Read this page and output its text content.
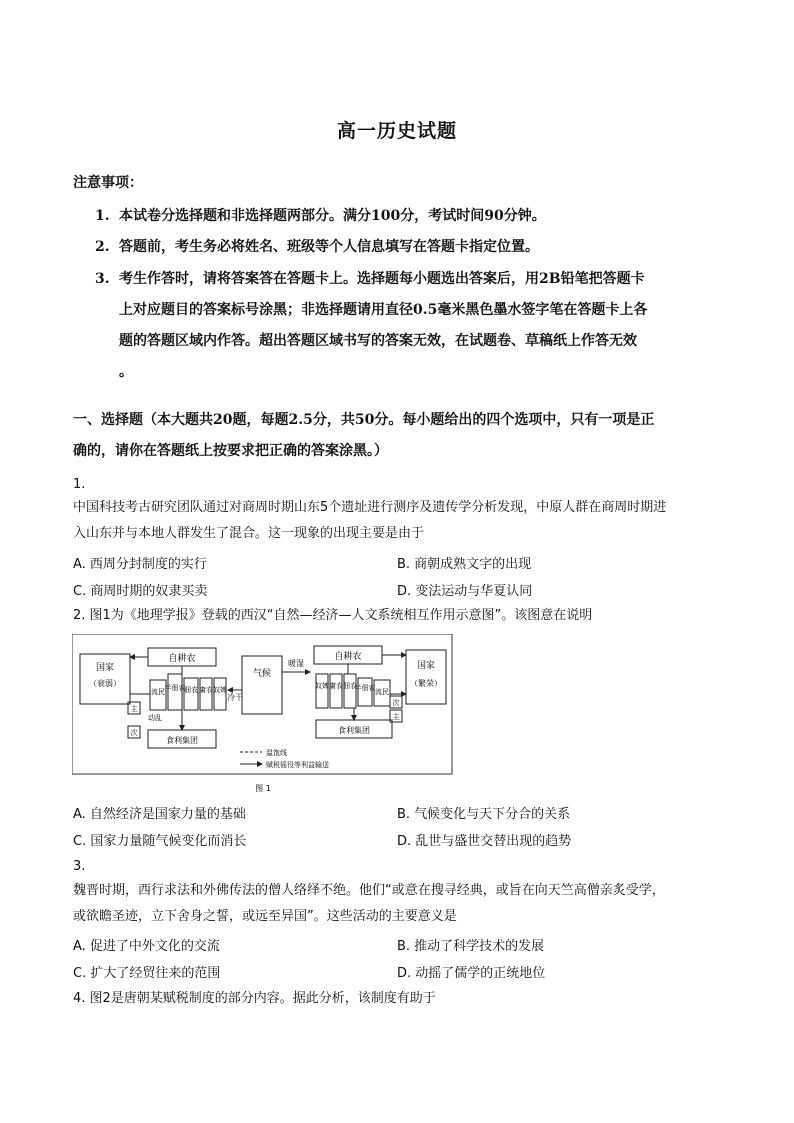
高一历史试题
注意事项：
1. 本试卷分选择题和非选择题两部分。满分100分，考试时间90分钟。
2. 答题前，考生务必将姓名、班级等个人信息填写在答题卡指定位置。
3. 考生作答时，请将答案答在答题卡上。选择题每小题选出答案后，用2B铅笔把答题卡
上对应题目的答案标号涂黑；非选择题请用直径0.5毫米黑色墨水签字笔在答题卡上各
题的答题区域内作答。超出答题区域书写的答案无效，在试题卷、草稿纸上作答无效
。
一、选择题（本大题共20题，每题2.5分，共50分。每小题给出的四个选项中，只有一项是正
确的，请你在答题纸上按要求把正确的答案涂黑。）
1.
中国科技考古研究团队通过对商周时期山东5个遗址进行测序及遗传学分析发现，中原人群在商周时期进
入山东并与本地人群发生了混合。这一现象的出现主要是由于
A. 西周分封制度的实行	B. 商朝成熟文字的出现
C. 商周时期的奴隶买卖	D. 变法运动与华夏认同
2. 图1为《地理学报》登载的西汉“自然—经济—人文系统相互作用示意图”。该图意在说明
国家
（衰弱）
自耕农
流民 半佃农
佃农 庸农 奴婢
气候
暖湿
冷干
自耕农
奴婢 庸农 佃农
半佃农 流民
国家
（繁荣）
主
次
动乱
次
主
食利集团
食利集团
温饱线
赋税徭役等利益输送
图 1
A. 自然经济是国家力量的基础	B. 气候变化与天下分合的关系
C. 国家力量随气候变化而消长	D. 乱世与盛世交替出现的趋势
3.
魏晋时期，西行求法和外佛传法的僧人络绎不绝。他们“或意在搜寻经典，或旨在向天竺高僧亲炙受学，
或欲瞻圣迹，立下舍身之誓，或远至异国”。这些活动的主要意义是
A. 促进了中外文化的交流	B. 推动了科学技术的发展
C. 扩大了经贸往来的范围	D. 动摇了儒学的正统地位
4. 图2是唐朝某赋税制度的部分内容。据此分析，该制度有助于
